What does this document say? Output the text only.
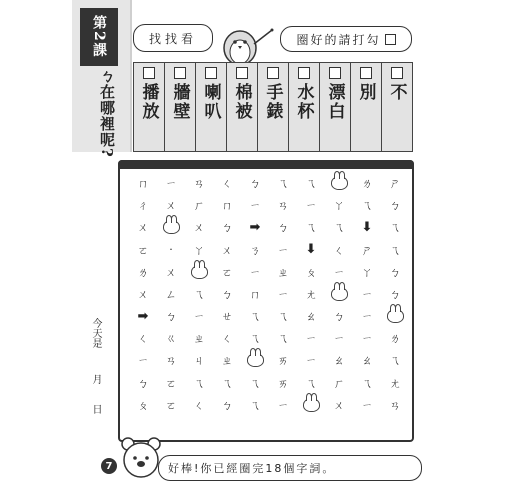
第2課
ㄅ在哪裡呢?
找找看	圈好的請打勾
播放 牆壁 喇叭 棉被 手錶 水杯 漂白 別 不
ㄇ	ㄧ	ㄢ	ㄑ	ㄅ	ㄟ	ㄟ	ㄌ	ㄕ
ㄔ	ㄨ	ㄏ	ㄇ	ㄧ	ㄢ	ㄧ	ㄚ	ㄟ	ㄅ
ㄨ	ㄨ	ㄅ	➡	ㄅ	ㄟ	ㄟ	⬇	ㄟ
ㄛ	·	ㄚ	ㄨ	ㄋ	ㄧ	⬇	ㄑ	ㄕ	ㄟ
ㄌ	ㄨ	ㄛ	ㄧ	ㄓ	ㄆ	ㄧ	ㄚ	ㄅ
ㄨ	ㄥ	ㄟ	ㄅ	ㄇ	ㄧ	ㄤ	ㄧ	ㄅ
➡	ㄅ	ㄧ	ㄝ	ㄟ	ㄟ	ㄠ	ㄅ	ㄧ
ㄑ	ㄍ	ㄓ	ㄑ	ㄟ	ㄟ	ㄧ	ㄧ	ㄧ	ㄌ
ㄧ	ㄢ	ㄐ	ㄓ	ㄞ	ㄧ	ㄠ	ㄠ	ㄟ
ㄅ	ㄛ	ㄟ	ㄟ	ㄟ	ㄞ	ㄟ	ㄏ	ㄟ	ㄤ
ㄆ	ㄛ	ㄑ	ㄅ	ㄟ	ㄧ	ㄨ	ㄧ	ㄢ
今天是
月
日
好棒!你已經圈完18個字詞。
7
